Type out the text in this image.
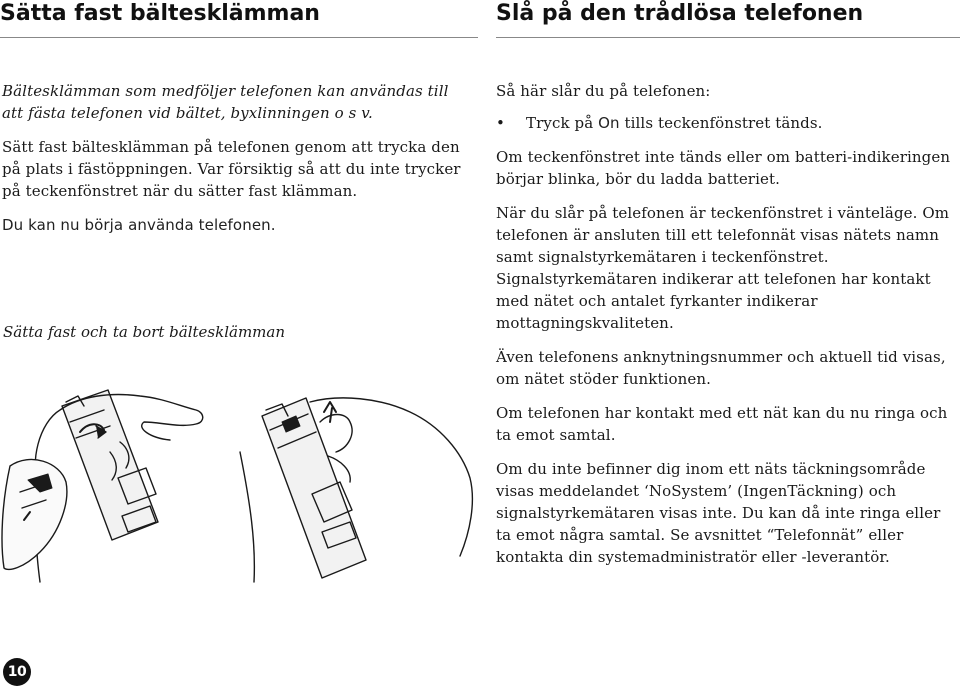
Sätta fast bältesklämman	Slå på den trådlösa telefonen

Bältesklämman som medföljer telefonen kan användas till att fästa telefonen vid bältet, byxlinningen o s v.

Sätt fast bältesklämman på telefonen genom att trycka den på plats i fästöppningen. Var försiktig så att du inte trycker på teckenfönstret när du sätter fast klämman.

Du kan nu börja använda telefonen.

Sätta fast och ta bort bältesklämman

Så här slår du på telefonen:

•	Tryck på On tills teckenfönstret tänds.

Om teckenfönstret inte tänds eller om batteri-indikeringen börjar blinka, bör du ladda batteriet.

När du slår på telefonen är teckenfönstret i vänteläge. Om telefonen är ansluten till ett telefonnät visas nätets namn samt signalstyrkemätaren i teckenfönstret. Signalstyrkemätaren indikerar att telefonen har kontakt med nätet och antalet fyrkanter indikerar mottagningskvaliteten.

Även telefonens anknytningsnummer och aktuell tid visas, om nätet stöder funktionen.

Om telefonen har kontakt med ett nät kan du nu ringa och ta emot samtal.

Om du inte befinner dig inom ett näts täckningsområde visas meddelandet ‘NoSystem’ (IngenTäckning) och signalstyrkemätaren visas inte. Du kan då inte ringa eller ta emot några samtal. Se avsnittet “Telefonnät” eller kontakta din systemadministratör eller -leverantör.

10
